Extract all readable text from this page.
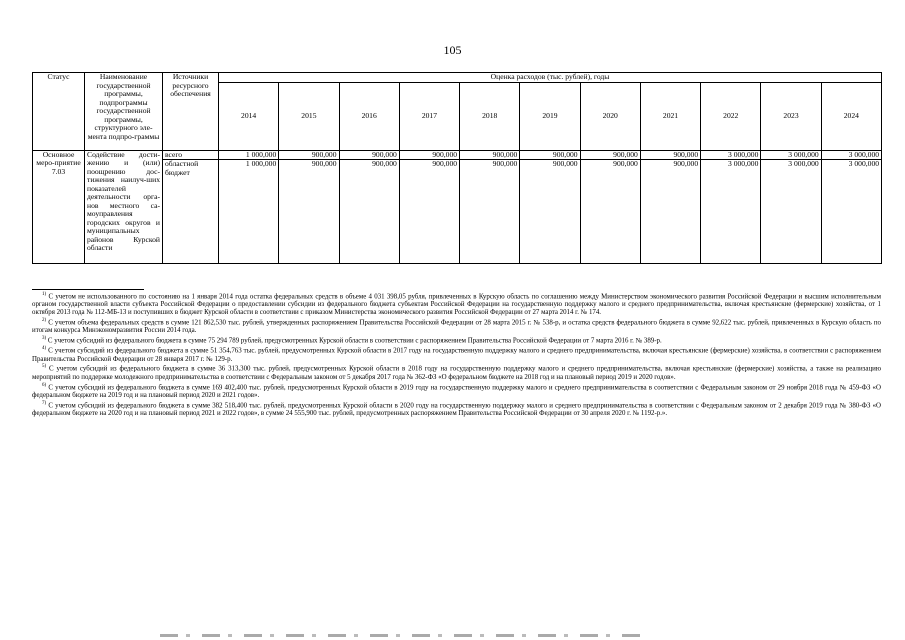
105
Статус	Наименование государственной программы, подпрограммы государственной программы, структурного эле-мента подпро-граммы	Источники ресурсного обеспечения	Оценка расходов (тыс. рублей), годы										
			2014	2015	2016	2017	2018	2019	2020	2021	2022	2023	2024
Основное меро-приятие 7.03	Содействие дости-жению и (или) поощрению дос-тижения наилуч-ших показателей деятельности орга-нов местного са-моуправления городских округов и муниципальных районов Курской области	всего	1 000,000	900,000	900,000	900,000	900,000	900,000	900,000	900,000	3 000,000	3 000,000	3 000,000
		областной бюджет	1 000,000	900,000	900,000	900,000	900,000	900,000	900,000	900,000	3 000,000	3 000,000	3 000,000

$^{1)}$ С учетом не использованного по состоянию на 1 января 2014 года остатка федеральных средств в объеме 4 031 398,05 рубля, привлеченных в Курскую область по соглашению между Министерством экономического развития Российской Федерации и высшим исполнительным органом государственной власти субъекта Российской Федерации о предоставлении субсидии из федерального бюджета субъектам Российской Федерации на государственную поддержку малого и среднего предпринимательства, включая крестьянские (фермерские) хозяйства, от 1 октября 2013 года № 112-МБ-13 и поступивших в бюджет Курской области в соответствии с приказом Министерства экономического развития Российской Федерации от 27 марта 2014 г. № 174.

$^{2)}$ С учетом объема федеральных средств в сумме 121 862,530 тыс. рублей, утвержденных распоряжением Правительства Российской Федерации от 28 марта 2015 г. № 538-р, и остатка средств федерального бюджета в сумме 92,622 тыс. рублей, привлеченных в Курскую область по итогам конкурса Минэкономразвития России 2014 года.

$^{3)}$ С учетом субсидий из федерального бюджета в сумме 75 294 789 рублей, предусмотренных Курской области в соответствии с распоряжением Правительства Российской Федерации от 7 марта 2016 г. № 389-р.

$^{4)}$ С учетом субсидий из федерального бюджета в сумме 51 354,763 тыс. рублей, предусмотренных Курской области в 2017 году на государственную поддержку малого и среднего предпринимательства, включая крестьянские (фермерские) хозяйства, в соответствии с распоряжением Правительства Российской Федерации от 28 января 2017 г. № 129-р.

$^{5)}$ С учетом субсидий из федерального бюджета в сумме 36 313,300 тыс. рублей, предусмотренных Курской области в 2018 году на государственную поддержку малого и среднего предпринимательства, включая крестьянские (фермерские) хозяйства, а также на реализацию мероприятий по поддержке молодежного предпринимательства в соответствии с Федеральным законом от 5 декабря 2017 года № 362-ФЗ «О федеральном бюджете на 2018 год и на плановый период 2019 и 2020 годов».

$^{6)}$ С учетом субсидий из федерального бюджета в сумме 169 402,400 тыс. рублей, предусмотренных Курской области в 2019 году на государственную поддержку малого и среднего предпринимательства в соответствии с Федеральным законом от 29 ноября 2018 года № 459-ФЗ «О федеральном бюджете на 2019 год и на плановый период 2020 и 2021 годов».

$^{7)}$ С учетом субсидий из федерального бюджета в сумме 382 518,400 тыс. рублей, предусмотренных Курской области в 2020 году на государственную поддержку малого и среднего предпринимательства в соответствии с Федеральным законом от 2 декабря 2019 года № 380-ФЗ «О федеральном бюджете на 2020 год и на плановый период 2021 и 2022 годов», в сумме 24 555,900 тыс. рублей, предусмотренных распоряжением Правительства Российской Федерации от 30 апреля 2020 г. № 1192-р.».
